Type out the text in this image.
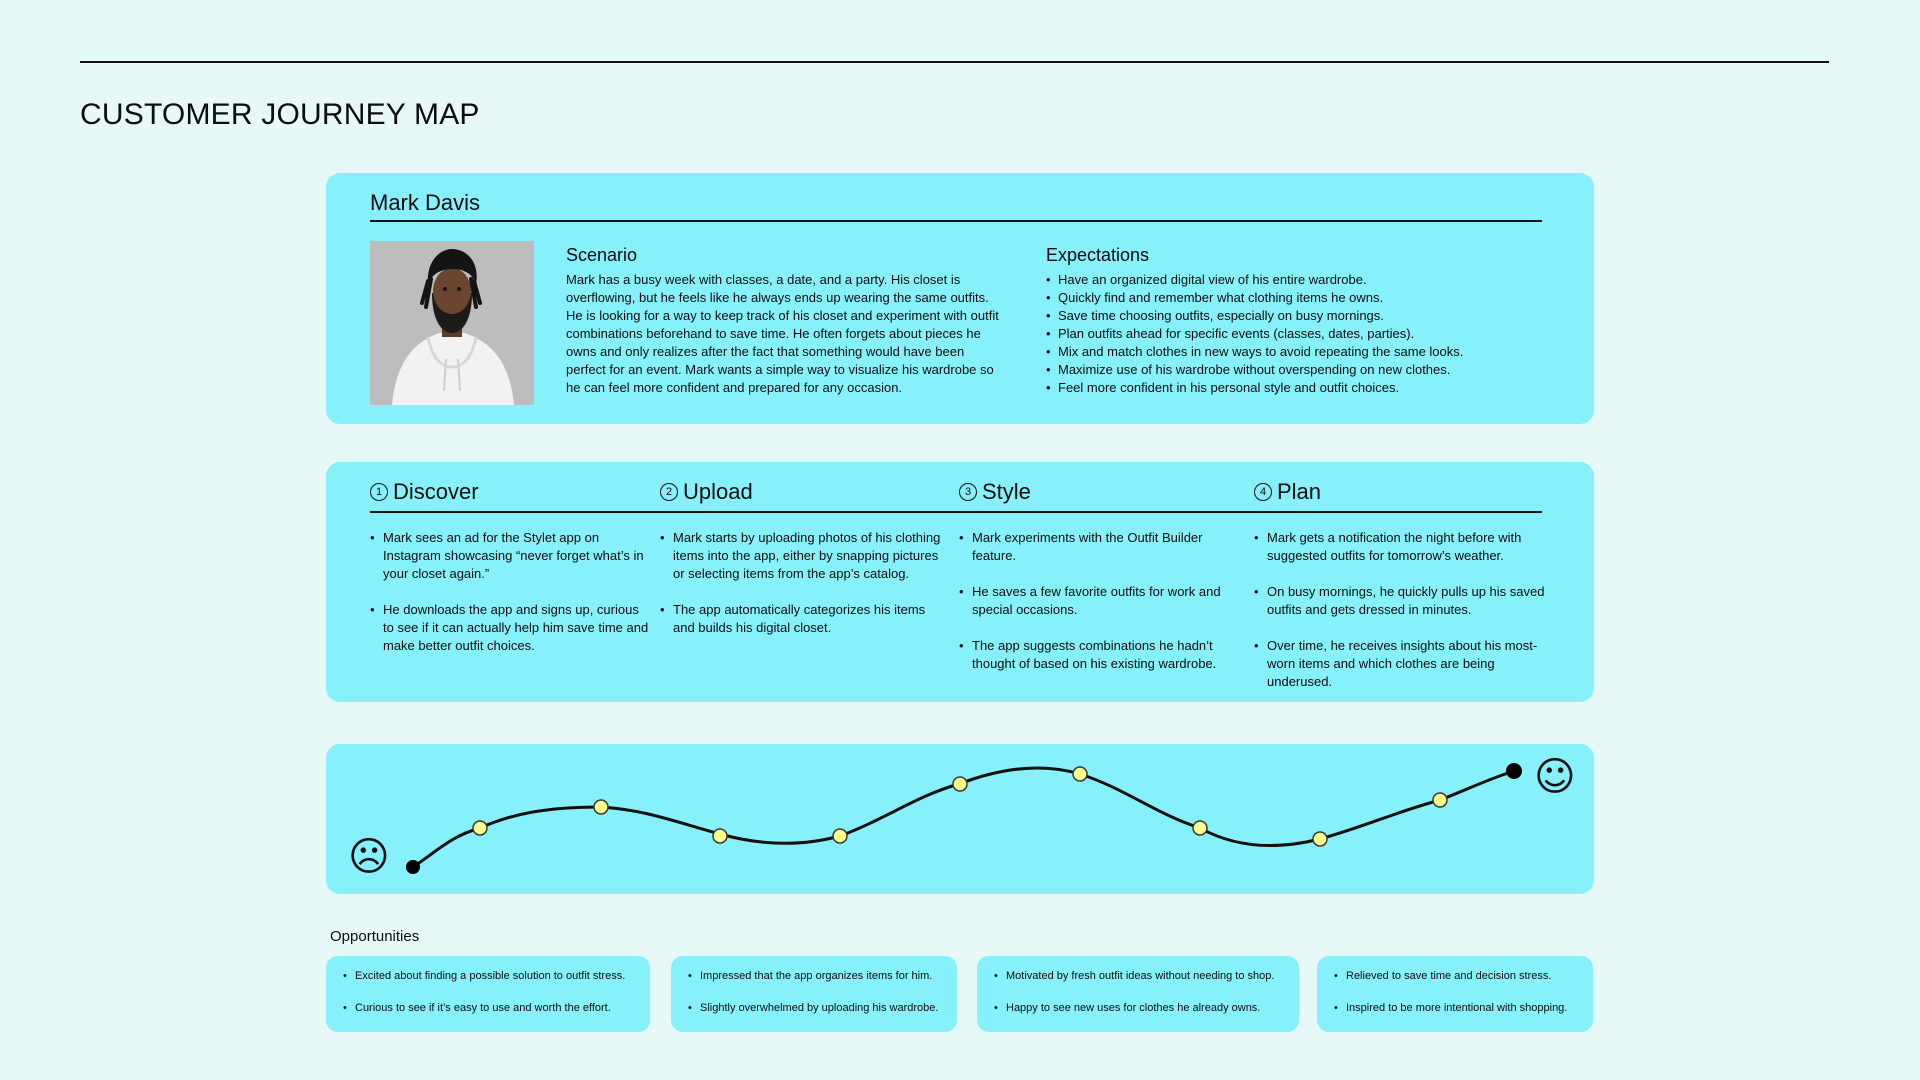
CUSTOMER JOURNEY MAP
Mark Davis
Scenario

Mark has a busy week with classes, a date, and a party. His closet is overflowing, but he feels like he always ends up wearing the same outfits. He is looking for a way to keep track of his closet and experiment with outfit combinations beforehand to save time. He often forgets about pieces he owns and only realizes after the fact that something would have been perfect for an event. Mark wants a simple way to visualize his wardrobe so he can feel more confident and prepared for any occasion.

Expectations
• Have an organized digital view of his entire wardrobe.
• Quickly find and remember what clothing items he owns.
• Save time choosing outfits, especially on busy mornings.
• Plan outfits ahead for specific events (classes, dates, parties).
• Mix and match clothes in new ways to avoid repeating the same looks.
• Maximize use of his wardrobe without overspending on new clothes.
• Feel more confident in his personal style and outfit choices.
1 Discover
• Mark sees an ad for the Stylet app on Instagram showcasing “never forget what’s in your closet again.”
• He downloads the app and signs up, curious to see if it can actually help him save time and make better outfit choices.
2 Upload
• Mark starts by uploading photos of his clothing items into the app, either by snapping pictures or selecting items from the app’s catalog.
• The app automatically categorizes his items and builds his digital closet.
3 Style
• Mark experiments with the Outfit Builder feature.
• He saves a few favorite outfits for work and special occasions.
• The app suggests combinations he hadn’t thought of based on his existing wardrobe.
4 Plan
• Mark gets a notification the night before with suggested outfits for tomorrow’s weather.
• On busy mornings, he quickly pulls up his saved outfits and gets dressed in minutes.
• Over time, he receives insights about his most-worn items and which clothes are being underused.
☹
☺
Opportunities
• Excited about finding a possible solution to outfit stress.
• Curious to see if it’s easy to use and worth the effort.
• Impressed that the app organizes items for him.
• Slightly overwhelmed by uploading his wardrobe.
• Motivated by fresh outfit ideas without needing to shop.
• Happy to see new uses for clothes he already owns.
• Relieved to save time and decision stress.
• Inspired to be more intentional with shopping.
